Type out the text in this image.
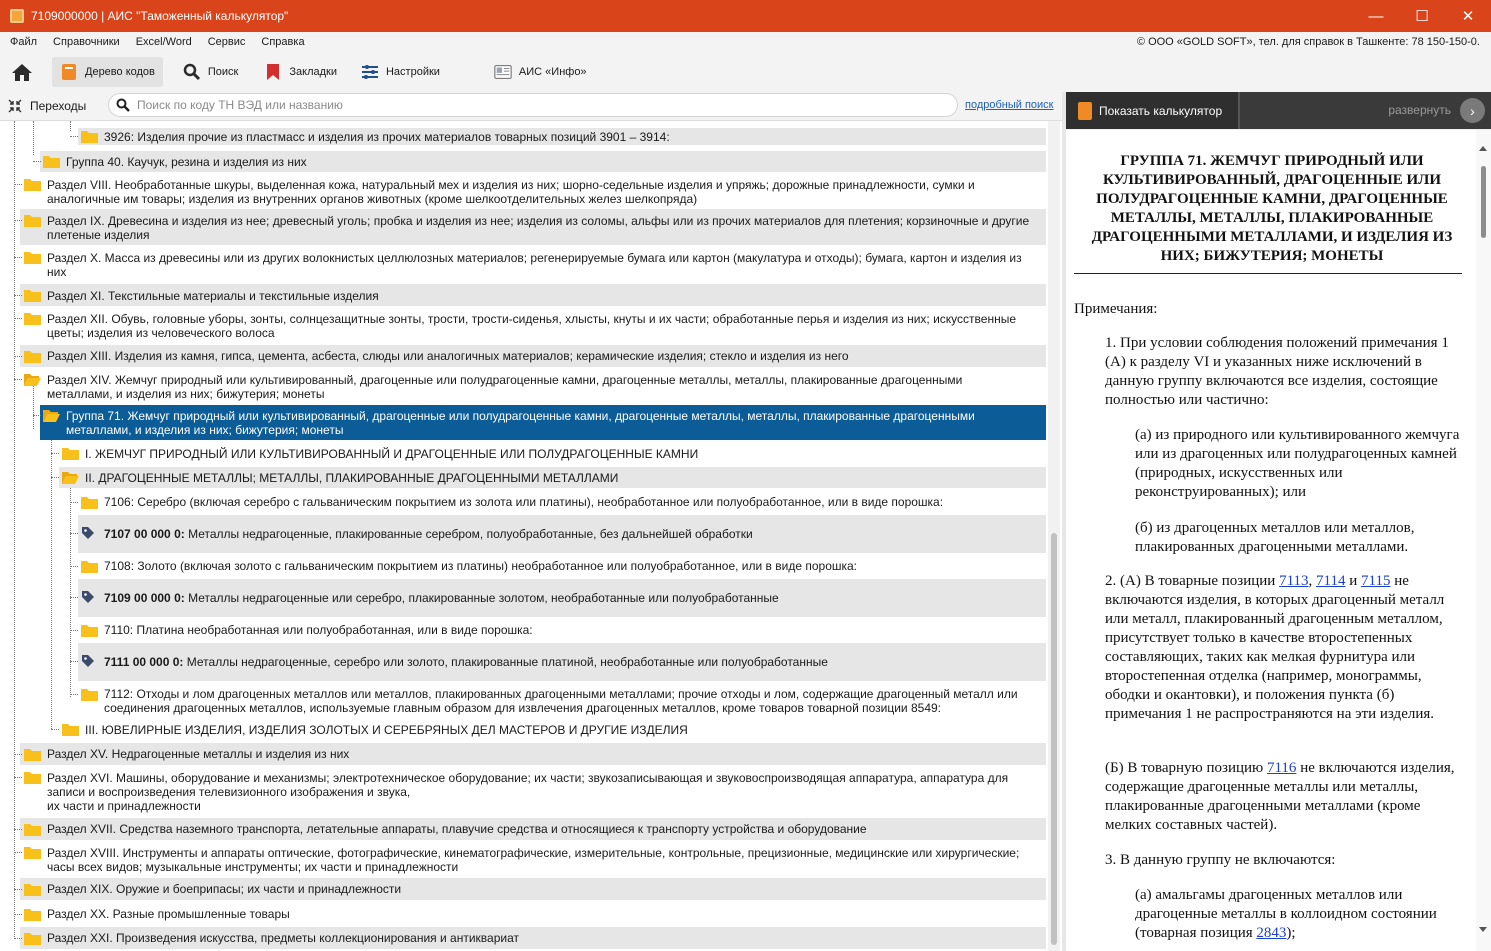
7109000000 | АИС "Таможенный калькулятор"	—	☐	✕
Файл Справочники Excel/Word Сервис Справка	© ООО «GOLD SOFT», тел. для справок в Ташкенте: 78 150-150-0.
Дерево кодов	Поиск	Закладки	Настройки	АИС «Инфо»
Переходы
Поиск по коду ТН ВЭД или названию	подробный поиск
3926: Изделия прочие из пластмасс и изделия из прочих материалов товарных позиций 3901 – 3914:
Группа 40. Каучук, резина и изделия из них
Раздел VIII. Необработанные шкуры, выделенная кожа, натуральный мех и изделия из них; шорно-седельные изделия и упряжь; дорожные принадлежности, сумки и
аналогичные им товары; изделия из внутренних органов животных (кроме шелкоотделительных желез шелкопряда)
Раздел IX. Древесина и изделия из нее; древесный уголь; пробка и изделия из нее; изделия из соломы, альфы или из прочих материалов для плетения; корзиночные и другие
плетеные изделия
Раздел X. Масса из древесины или из других волокнистых целлюлозных материалов; регенерируемые бумага или картон (макулатура и отходы); бумага, картон и изделия из
них
Раздел XI. Текстильные материалы и текстильные изделия
Раздел XII. Обувь, головные уборы, зонты, солнцезащитные зонты, трости, трости-сиденья, хлысты, кнуты и их части; обработанные перья и изделия из них; искусственные
цветы; изделия из человеческого волоса
Раздел XIII. Изделия из камня, гипса, цемента, асбеста, слюды или аналогичных материалов; керамические изделия; стекло и изделия из него
Раздел XIV. Жемчуг природный или культивированный, драгоценные или полудрагоценные камни, драгоценные металлы, металлы, плакированные драгоценными
металлами, и изделия из них; бижутерия; монеты
Группа 71. Жемчуг природный или культивированный, драгоценные или полудрагоценные камни, драгоценные металлы, металлы, плакированные драгоценными
металлами, и изделия из них; бижутерия; монеты
I. ЖЕМЧУГ ПРИРОДНЫЙ ИЛИ КУЛЬТИВИРОВАННЫЙ И ДРАГОЦЕННЫЕ ИЛИ ПОЛУДРАГОЦЕННЫЕ КАМНИ
II. ДРАГОЦЕННЫЕ МЕТАЛЛЫ; МЕТАЛЛЫ, ПЛАКИРОВАННЫЕ ДРАГОЦЕННЫМИ МЕТАЛЛАМИ
7106: Серебро (включая серебро с гальваническим покрытием из золота или платины), необработанное или полуобработанное, или в виде порошка:
7107 00 000 0: Металлы недрагоценные, плакированные серебром, полуобработанные, без дальнейшей обработки
7108: Золото (включая золото с гальваническим покрытием из платины) необработанное или полуобработанное, или в виде порошка:
7109 00 000 0: Металлы недрагоценные или серебро, плакированные золотом, необработанные или полуобработанные
7110: Платина необработанная или полуобработанная, или в виде порошка:
7111 00 000 0: Металлы недрагоценные, серебро или золото, плакированные платиной, необработанные или полуобработанные
7112: Отходы и лом драгоценных металлов или металлов, плакированных драгоценными металлами; прочие отходы и лом, содержащие драгоценный металл или
соединения драгоценных металлов, используемые главным образом для извлечения драгоценных металлов, кроме товаров товарной позиции 8549:
III. ЮВЕЛИРНЫЕ ИЗДЕЛИЯ, ИЗДЕЛИЯ ЗОЛОТЫХ И СЕРЕБРЯНЫХ ДЕЛ МАСТЕРОВ И ДРУГИЕ ИЗДЕЛИЯ
Раздел XV. Недрагоценные металлы и изделия из них
Раздел XVI. Машины, оборудование и механизмы; электротехническое оборудование; их части; звукозаписывающая и звуковоспроизводящая аппаратура, аппаратура для
записи и воспроизведения телевизионного изображения и звука,
их части и принадлежности
Раздел XVII. Средства наземного транспорта, летательные аппараты, плавучие средства и относящиеся к транспорту устройства и оборудование
Раздел XVIII. Инструменты и аппараты оптические, фотографические, кинематографические, измерительные, контрольные, прецизионные, медицинские или хирургические;
часы всех видов; музыкальные инструменты; их части и принадлежности
Раздел XIX. Оружие и боеприпасы; их части и принадлежности
Раздел XX. Разные промышленные товары
Раздел XXI. Произведения искусства, предметы коллекционирования и антиквариат
Показать калькулятор	развернуть	›
ГРУППА 71. ЖЕМЧУГ ПРИРОДНЫЙ ИЛИ КУЛЬТИВИРОВАННЫЙ, ДРАГОЦЕННЫЕ ИЛИ ПОЛУДРАГОЦЕННЫЕ КАМНИ, ДРАГОЦЕННЫЕ МЕТАЛЛЫ, МЕТАЛЛЫ, ПЛАКИРОВАННЫЕ ДРАГОЦЕННЫМИ МЕТАЛЛАМИ, И ИЗДЕЛИЯ ИЗ НИХ; БИЖУТЕРИЯ; МОНЕТЫ

Примечания:

1. При условии соблюдения положений примечания 1 (А) к разделу VI и указанных ниже исключений в данную группу включаются все изделия, состоящие полностью или частично:

(а) из природного или культивированного жемчуга или из драгоценных или полудрагоценных камней (природных, искусственных или реконструированных); или

(б) из драгоценных металлов или металлов, плакированных драгоценными металлами.

2. (А) В товарные позиции 7113, 7114 и 7115 не включаются изделия, в которых драгоценный металл или металл, плакированный драгоценным металлом, присутствует только в качестве второстепенных составляющих, таких как мелкая фурнитура или второстепенная отделка (например, монограммы, ободки и окантовки), и положения пункта (б) примечания 1 не распространяются на эти изделия.

(Б) В товарную позицию 7116 не включаются изделия, содержащие драгоценные металлы или металлы, плакированные драгоценными металлами (кроме мелких составных частей).

3. В данную группу не включаются:

(а) амальгамы драгоценных металлов или драгоценные металлы в коллоидном состоянии (товарная позиция 2843);
